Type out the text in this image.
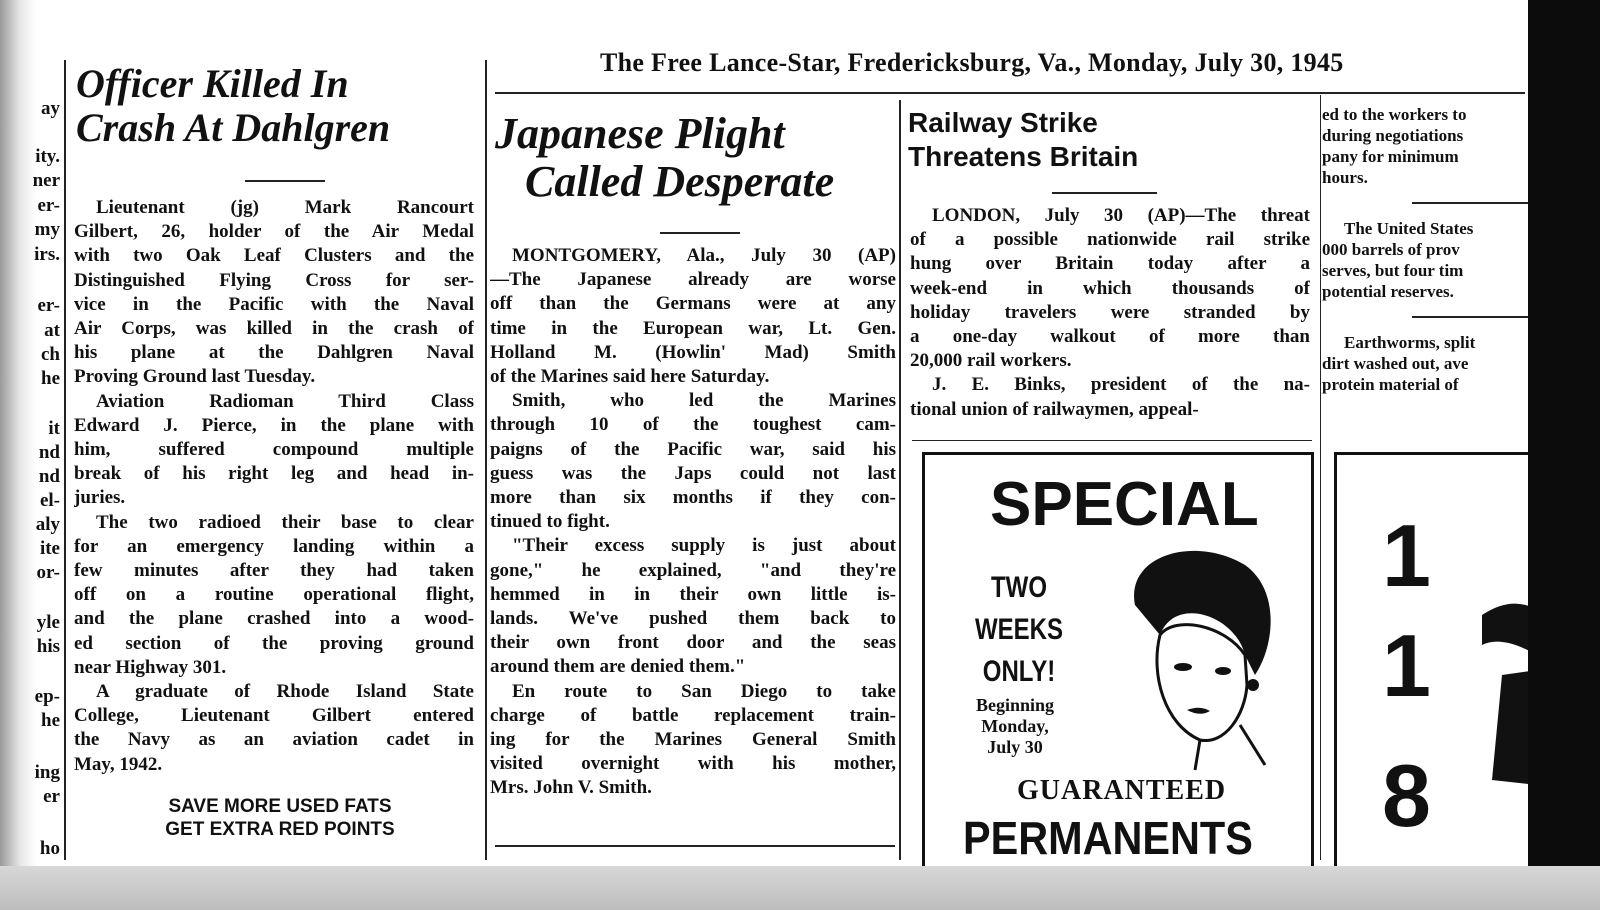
ay
ity.
ner
er-
my
irs.
er-
at
ch
he
it
nd
nd
el-
aly
ite
or-
yle
his
ep-
he
ing
er
ho
The Free Lance-Star, Fredericksburg, Va., Monday, July 30, 1945
Officer Killed In
Crash At Dahlgren
Lieutenant (jg) Mark Rancourt
Gilbert, 26, holder of the Air Medal
with two Oak Leaf Clusters and the
Distinguished Flying Cross for ser-
vice in the Pacific with the Naval
Air Corps, was killed in the crash of
his plane at the Dahlgren Naval
Proving Ground last Tuesday.
Aviation Radioman Third Class
Edward J. Pierce, in the plane with
him, suffered compound multiple
break of his right leg and head in-
juries.
The two radioed their base to clear
for an emergency landing within a
few minutes after they had taken
off on a routine operational flight,
and the plane crashed into a wood-
ed section of the proving ground
near Highway 301.
A graduate of Rhode Island State
College, Lieutenant Gilbert entered
the Navy as an aviation cadet in
May, 1942.
SAVE MORE USED FATS
GET EXTRA RED POINTS
Japanese Plight
Called Desperate
MONTGOMERY, Ala., July 30 (AP)
—The Japanese already are worse
off than the Germans were at any
time in the European war, Lt. Gen.
Holland M. (Howlin' Mad) Smith
of the Marines said here Saturday.
Smith, who led the Marines
through 10 of the toughest cam-
paigns of the Pacific war, said his
guess was the Japs could not last
more than six months if they con-
tinued to fight.
"Their excess supply is just about
gone," he explained, "and they're
hemmed in in their own little is-
lands. We've pushed them back to
their own front door and the seas
around them are denied them."
En route to San Diego to take
charge of battle replacement train-
ing for the Marines General Smith
visited overnight with his mother,
Mrs. John V. Smith.
Railway Strike
Threatens Britain
LONDON, July 30 (AP)—The threat
of a possible nationwide rail strike
hung over Britain today after a
week-end in which thousands of
holiday travelers were stranded by
a one-day walkout of more than
20,000 rail workers.
J. E. Binks, president of the na-
tional union of railwaymen, appeal-
SPECIAL
TWO
WEEKS
ONLY!
Beginning
Monday,
July 30
GUARANTEED
PERMANENTS
ed to the workers to
during negotiations
pany for minimum
hours.
The United States
000 barrels of prov
serves, but four tim
potential reserves.
Earthworms, split
dirt washed out, ave
protein material of
1
1
8
